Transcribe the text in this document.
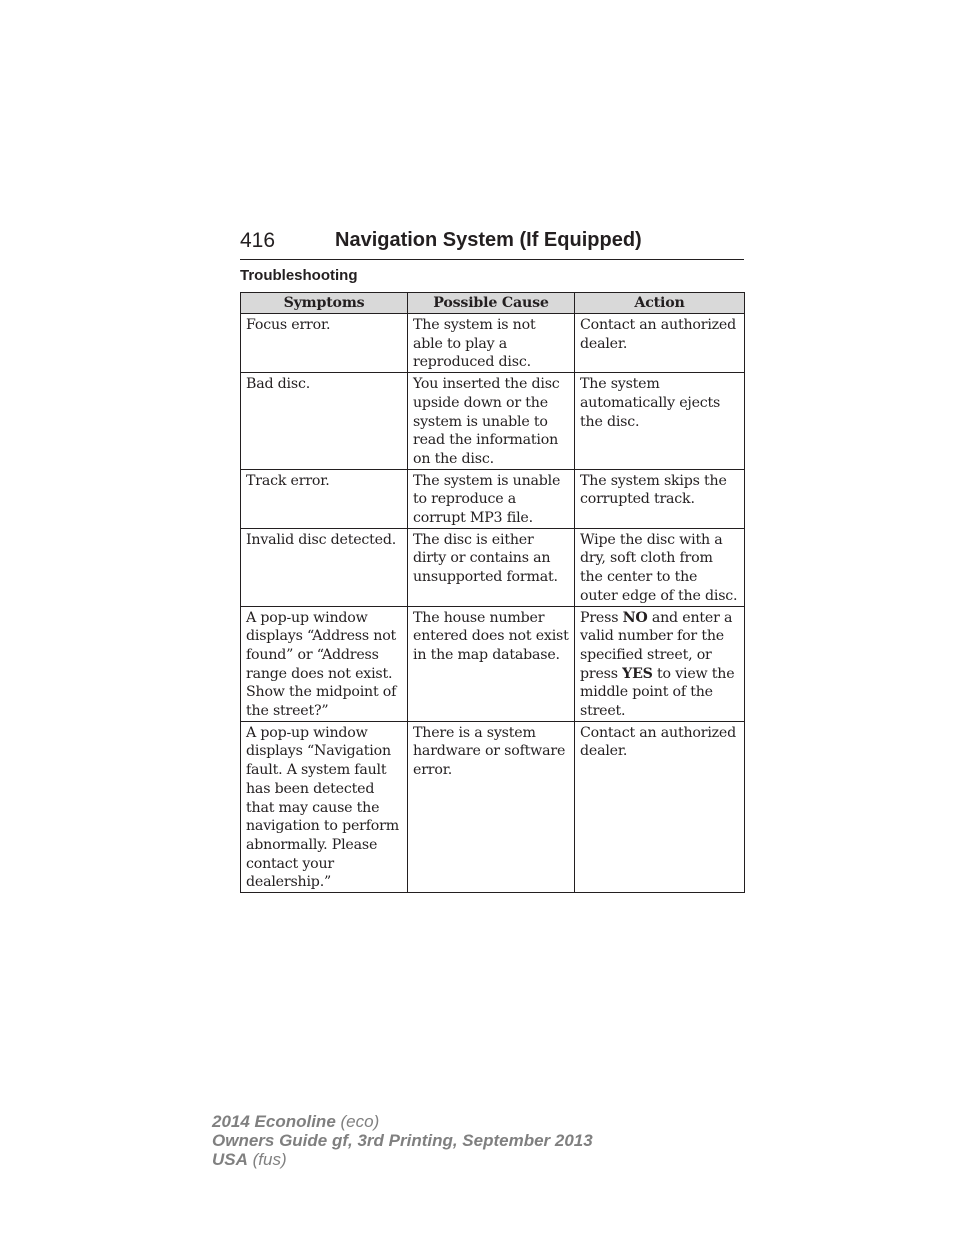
416	Navigation System (If Equipped)
Troubleshooting
Symptoms	Possible Cause	Action
Focus error.	The system is not able to play a reproduced disc.	Contact an authorized dealer.
Bad disc.	You inserted the disc upside down or the system is unable to read the information on the disc.	The system automatically ejects the disc.
Track error.	The system is unable to reproduce a corrupt MP3 file.	The system skips the corrupted track.
Invalid disc detected.	The disc is either dirty or contains an unsupported format.	Wipe the disc with a dry, soft cloth from the center to the outer edge of the disc.
A pop-up window displays “Address not found” or “Address range does not exist. Show the midpoint of the street?”	The house number entered does not exist in the map database.	Press NO and enter a valid number for the specified street, or press YES to view the middle point of the street.
A pop-up window displays “Navigation fault. A system fault has been detected that may cause the navigation to perform abnormally. Please contact your dealership.”	There is a system hardware or software error.	Contact an authorized dealer.
2014 Econoline (eco)
Owners Guide gf, 3rd Printing, September 2013
USA (fus)
